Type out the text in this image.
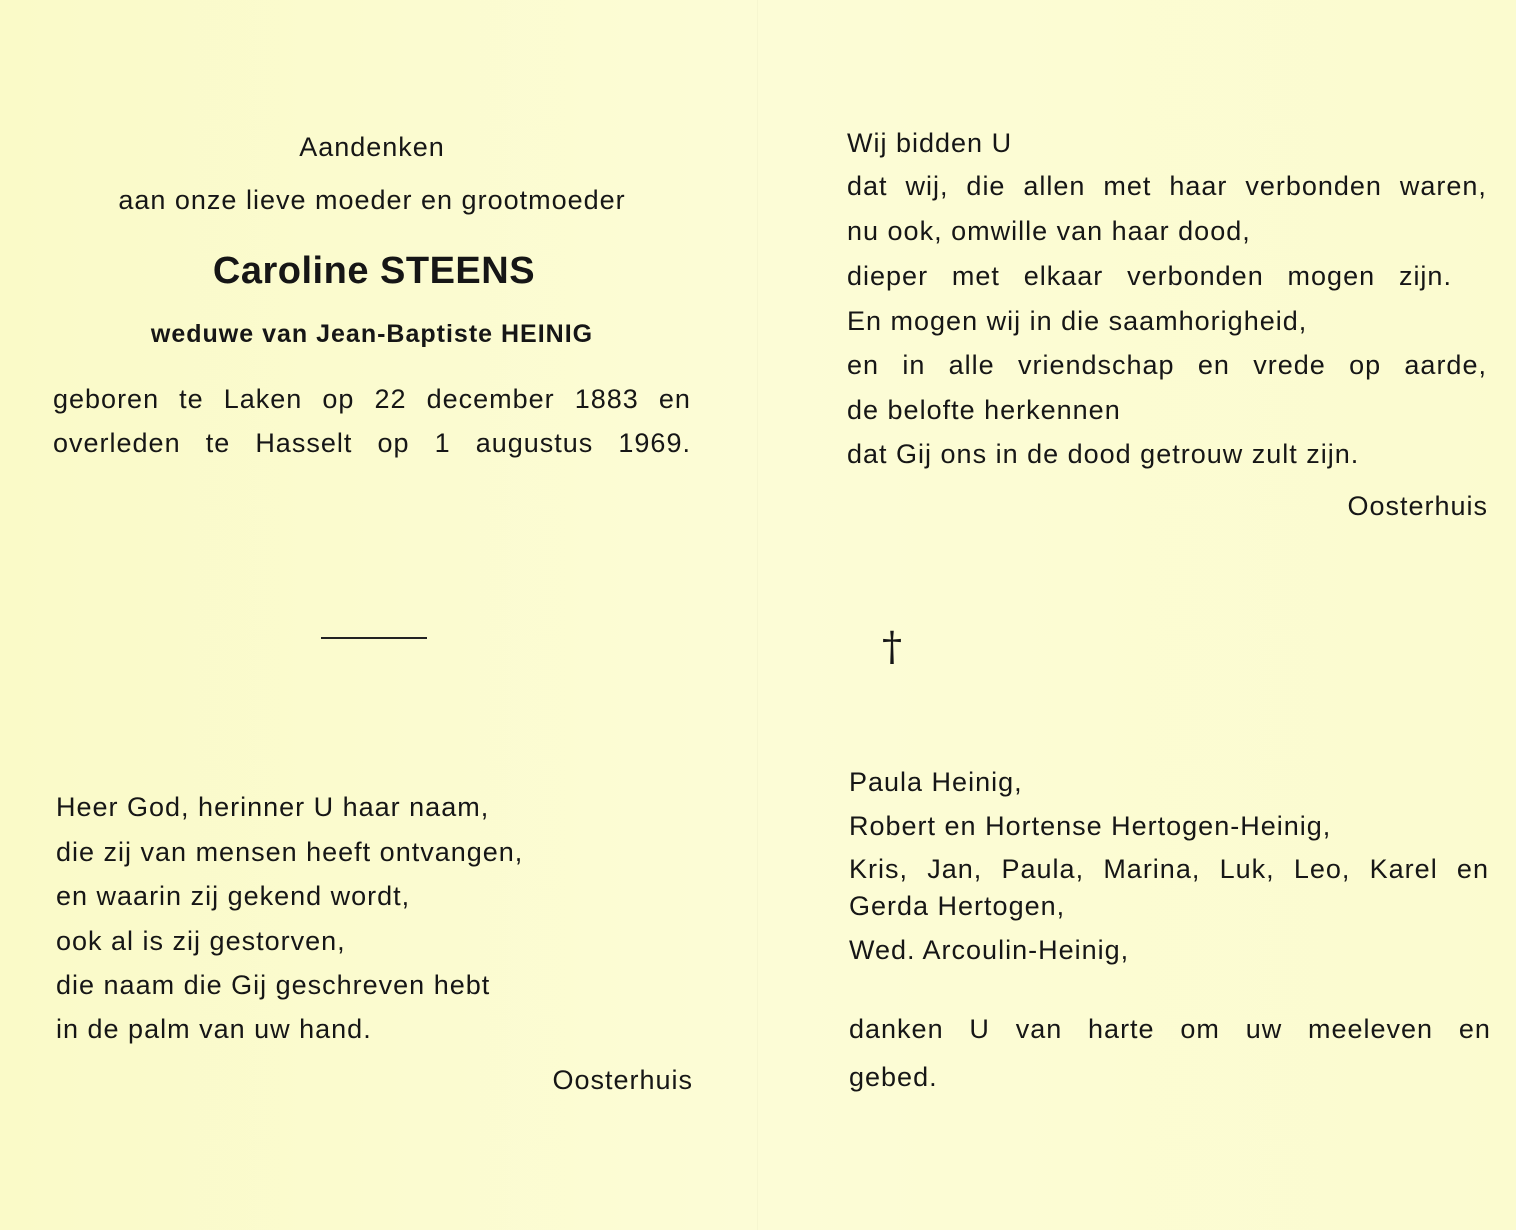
Aandenken
aan onze lieve moeder en grootmoeder
Caroline STEENS
weduwe van Jean-Baptiste HEINIG
geboren te Laken op 22 december 1883 en
overleden te Hasselt op 1 augustus 1969.
Heer God, herinner U haar naam,
die zij van mensen heeft ontvangen,
en waarin zij gekend wordt,
ook al is zij gestorven,
die naam die Gij geschreven hebt
in de palm van uw hand.
Oosterhuis
Wij bidden U
dat wij, die allen met haar verbonden waren,
nu ook, omwille van haar dood,
dieper met elkaar verbonden mogen zijn.
En mogen wij in die saamhorigheid,
en in alle vriendschap en vrede op aarde,
de belofte herkennen
dat Gij ons in de dood getrouw zult zijn.
Oosterhuis
†
Paula Heinig,
Robert en Hortense Hertogen-Heinig,
Kris, Jan, Paula, Marina, Luk, Leo, Karel en
Gerda Hertogen,
Wed. Arcoulin-Heinig,
danken U van harte om uw meeleven en
gebed.
